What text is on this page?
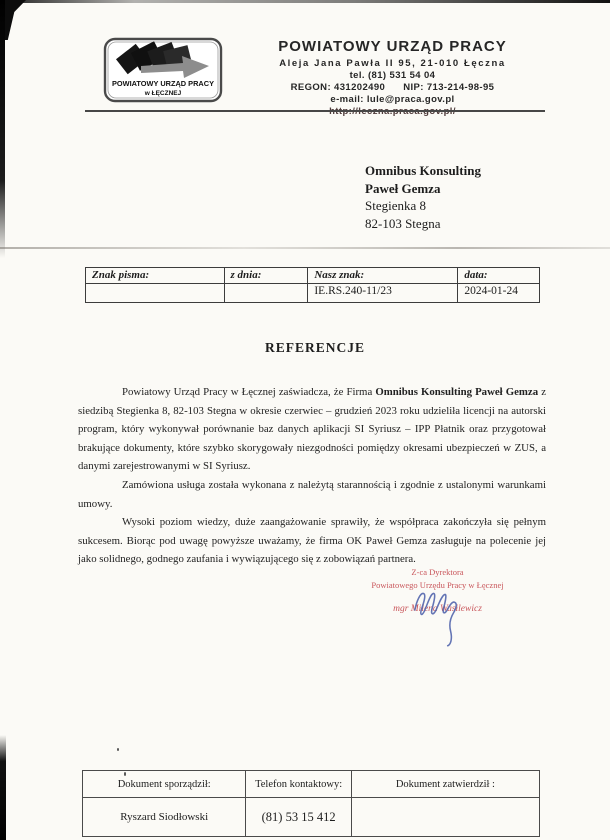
POWIATOWY URZĄD PRACY
w ŁĘCZNEJ
POWIATOWY URZĄD PRACY
Aleja Jana Pawła II 95, 21-010 Łęczna
tel. (81) 531 54 04
REGON: 431202490 NIP: 713-214-98-95
e-mail: lule@praca.gov.pl
Omnibus Konsulting
Paweł Gemza
Stegienka 8
82-103 Stegna
Znak pisma:	z dnia:	Nasz znak:	data:
		IE.RS.240-11/23	2024-01-24
REFERENCJE

Powiatowy Urząd Pracy w Łęcznej zaświadcza, że Firma Omnibus Konsulting Paweł Gemza z siedzibą Stegienka 8, 82-103 Stegna w okresie czerwiec – grudzień 2023 roku udzieliła licencji na autorski program, który wykonywał porównanie baz danych aplikacji SI Syriusz – IPP Płatnik oraz przygotował brakujące dokumenty, które szybko skorygowały niezgodności pomiędzy okresami ubezpieczeń w ZUS, a danymi zarejestrowanymi w SI Syriusz.

Zamówiona usługa została wykonana z należytą starannością i zgodnie z ustalonymi warunkami umowy.

Wysoki poziom wiedzy, duże zaangażowanie sprawiły, że współpraca zakończyła się pełnym sukcesem. Biorąc pod uwagę powyższe uważamy, że firma OK Paweł Gemza zasługuje na polecenie jej jako solidnego, godnego zaufania i wywiązującego się z zobowiązań partnera.

Z-ca Dyrektora
Powiatowego Urzędu Pracy w Łęcznej
mgr Milena Wasilewicz
Dokument sporządził:	Telefon kontaktowy:	Dokument zatwierdził :
Ryszard Siodłowski	(81) 53 15 412	
